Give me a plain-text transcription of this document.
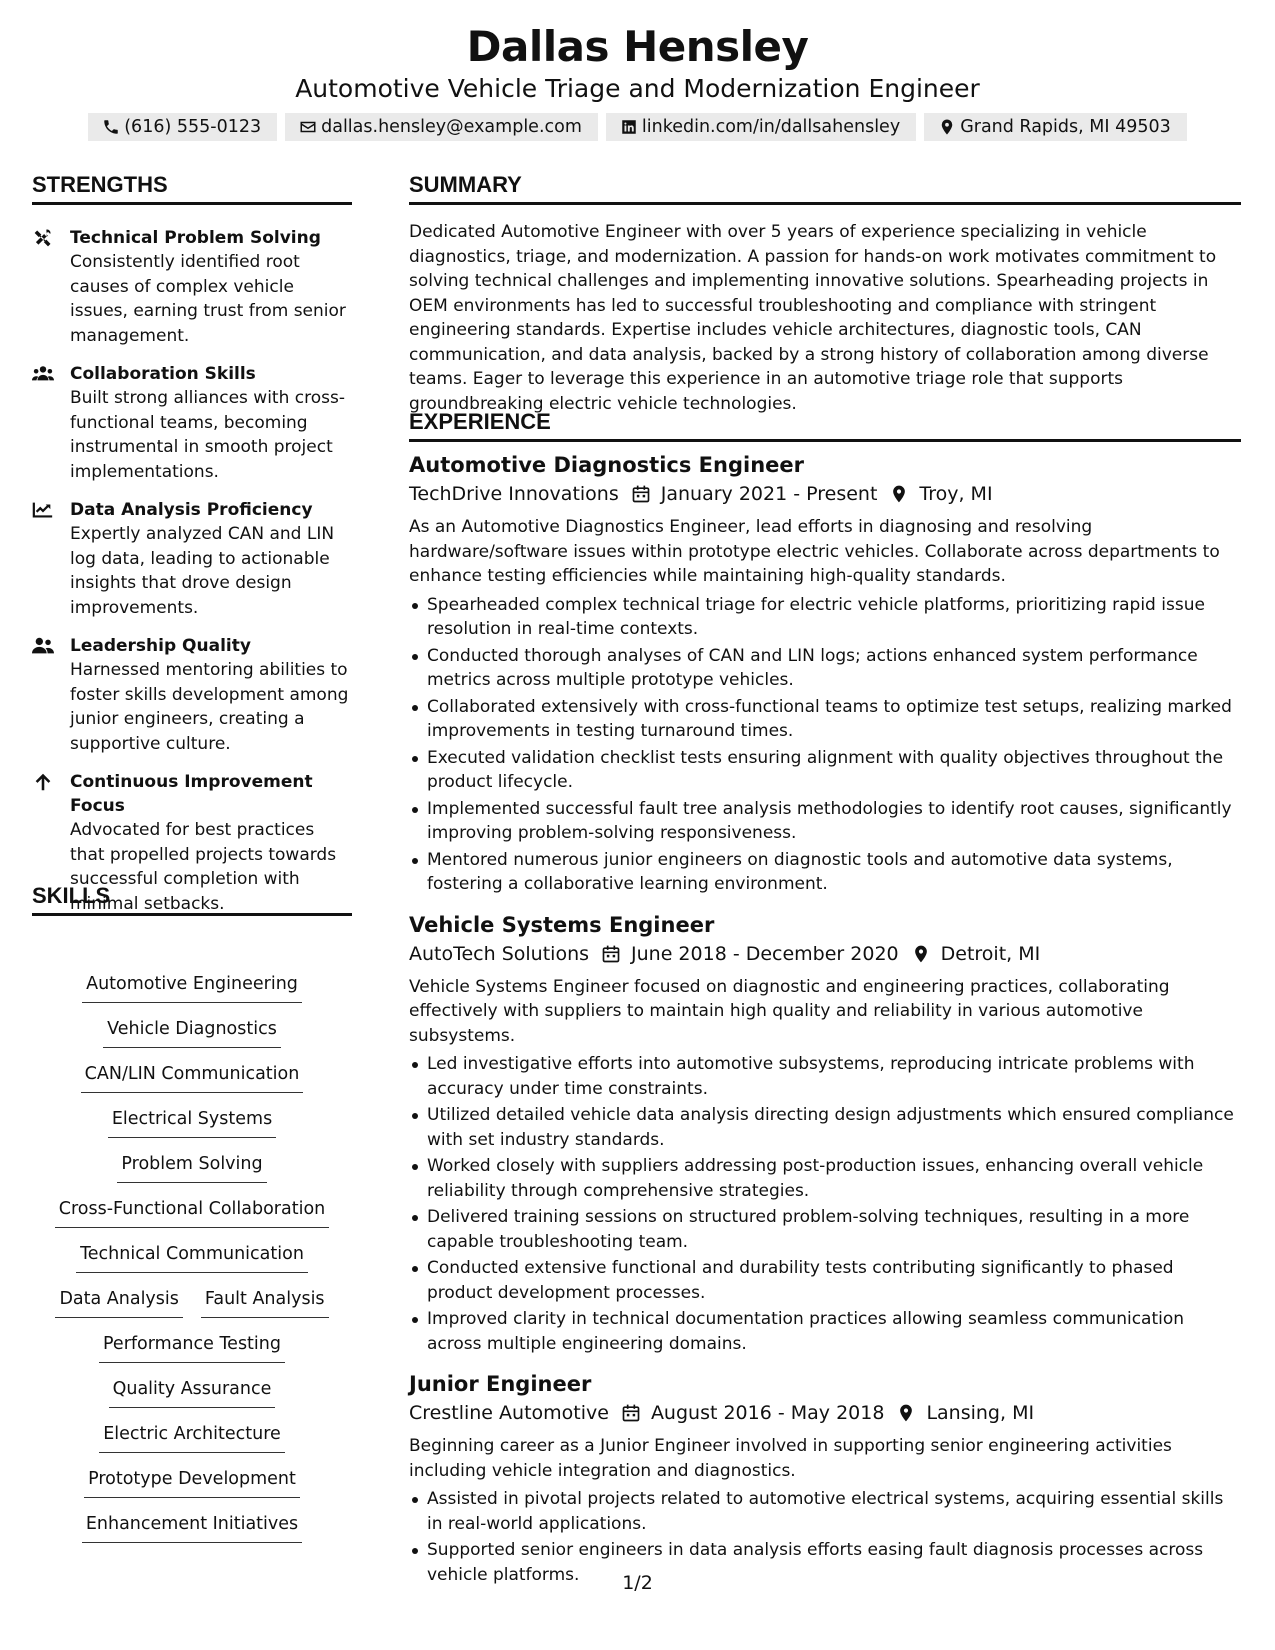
Dallas Hensley
Automotive Vehicle Triage and Modernization Engineer
(616) 555-0123	dallas.hensley@example.com	linkedin.com/in/dallsahensley	Grand Rapids, MI 49503
STRENGTHS
Technical Problem Solving
Consistently identified root causes of complex vehicle issues, earning trust from senior management.
Collaboration Skills
Built strong alliances with cross-functional teams, becoming instrumental in smooth project implementations.
Data Analysis Proficiency
Expertly analyzed CAN and LIN log data, leading to actionable insights that drove design improvements.
Leadership Quality
Harnessed mentoring abilities to foster skills development among junior engineers, creating a supportive culture.
Continuous Improvement Focus
Advocated for best practices that propelled projects towards successful completion with minimal setbacks.
SKILLS
Automotive Engineering
Vehicle Diagnostics
CAN/LIN Communication
Electrical Systems
Problem Solving
Cross-Functional Collaboration
Technical Communication
Data Analysis Fault Analysis
Performance Testing
Quality Assurance
Electric Architecture
Prototype Development
Enhancement Initiatives
SUMMARY

Dedicated Automotive Engineer with over 5 years of experience specializing in vehicle diagnostics, triage, and modernization. A passion for hands-on work motivates commitment to solving technical challenges and implementing innovative solutions. Spearheading projects in OEM environments has led to successful troubleshooting and compliance with stringent engineering standards. Expertise includes vehicle architectures, diagnostic tools, CAN communication, and data analysis, backed by a strong history of collaboration among diverse teams. Eager to leverage this experience in an automotive triage role that supports groundbreaking electric vehicle technologies.

EXPERIENCE
Automotive Diagnostics Engineer
TechDrive Innovations January 2021 - Present Troy, MI

As an Automotive Diagnostics Engineer, lead efforts in diagnosing and resolving hardware/software issues within prototype electric vehicles. Collaborate across departments to enhance testing efficiencies while maintaining high-quality standards.

Spearheaded complex technical triage for electric vehicle platforms, prioritizing rapid issue resolution in real-time contexts.
Conducted thorough analyses of CAN and LIN logs; actions enhanced system performance metrics across multiple prototype vehicles.
Collaborated extensively with cross-functional teams to optimize test setups, realizing marked improvements in testing turnaround times.
Executed validation checklist tests ensuring alignment with quality objectives throughout the product lifecycle.
Implemented successful fault tree analysis methodologies to identify root causes, significantly improving problem-solving responsiveness.
Mentored numerous junior engineers on diagnostic tools and automotive data systems, fostering a collaborative learning environment.
Vehicle Systems Engineer
AutoTech Solutions June 2018 - December 2020 Detroit, MI

Vehicle Systems Engineer focused on diagnostic and engineering practices, collaborating effectively with suppliers to maintain high quality and reliability in various automotive subsystems.

Led investigative efforts into automotive subsystems, reproducing intricate problems with accuracy under time constraints.
Utilized detailed vehicle data analysis directing design adjustments which ensured compliance with set industry standards.
Worked closely with suppliers addressing post-production issues, enhancing overall vehicle reliability through comprehensive strategies.
Delivered training sessions on structured problem-solving techniques, resulting in a more capable troubleshooting team.
Conducted extensive functional and durability tests contributing significantly to phased product development processes.
Improved clarity in technical documentation practices allowing seamless communication across multiple engineering domains.
Junior Engineer
Crestline Automotive August 2016 - May 2018 Lansing, MI

Beginning career as a Junior Engineer involved in supporting senior engineering activities including vehicle integration and diagnostics.

Assisted in pivotal projects related to automotive electrical systems, acquiring essential skills in real-world applications.
Supported senior engineers in data analysis efforts easing fault diagnosis processes across vehicle platforms.	1/2
